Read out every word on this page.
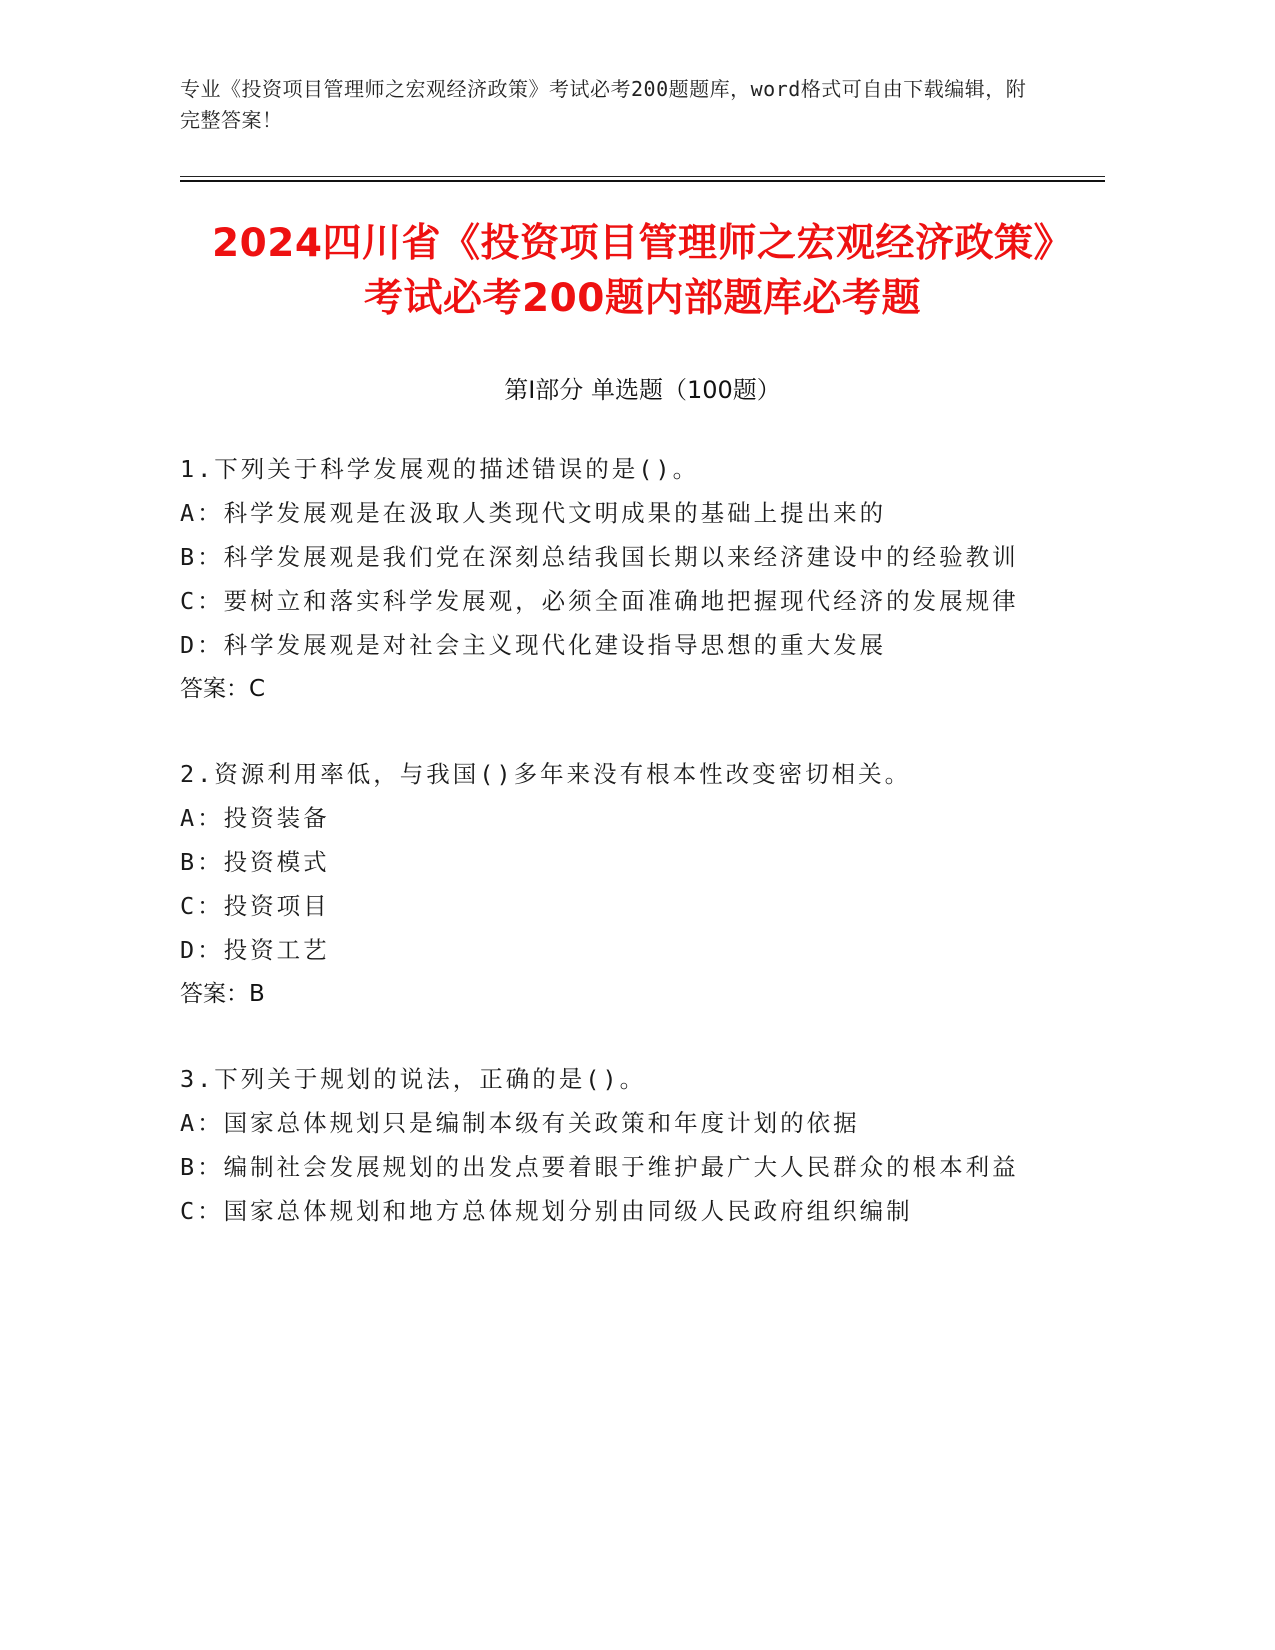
专业《投资项目管理师之宏观经济政策》考试必考200题题库，word格式可自由下载编辑，附完整答案！

2024四川省《投资项目管理师之宏观经济政策》考试必考200题内部题库必考题
第Ⅰ部分 单选题（100题）

1.下列关于科学发展观的描述错误的是()。

A：科学发展观是在汲取人类现代文明成果的基础上提出来的

B：科学发展观是我们党在深刻总结我国长期以来经济建设中的经验教训

C：要树立和落实科学发展观，必须全面准确地把握现代经济的发展规律

D：科学发展观是对社会主义现代化建设指导思想的重大发展

答案：C

2.资源利用率低，与我国()多年来没有根本性改变密切相关。

A：投资装备

B：投资模式

C：投资项目

D：投资工艺

答案：B

3.下列关于规划的说法，正确的是()。

A：国家总体规划只是编制本级有关政策和年度计划的依据

B：编制社会发展规划的出发点要着眼于维护最广大人民群众的根本利益

C：国家总体规划和地方总体规划分别由同级人民政府组织编制
